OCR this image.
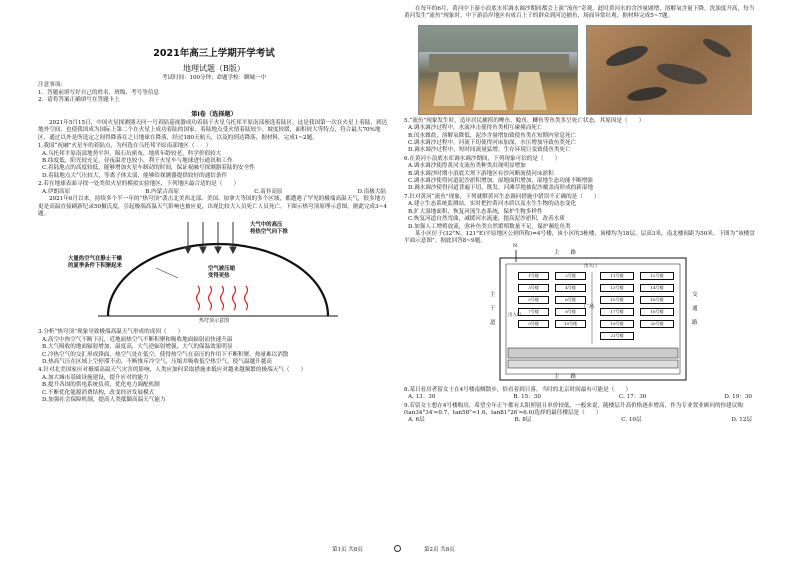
2021年高三上学期开学考试
地理试题（B版）
考试时间：100分钟；命题学校：聊城一中

注意事项：

1．答题前填写好自己的姓名、班级、考号等信息

2．请将答案正确填写在答题卡上

第Ⅰ卷（选择题）

2021年5月15日，中国火星探测器天问一号着陆巡视器成功着陆于火星乌托邦平原南部预选着陆区，这是我国第一次在火星上着陆，到达地外空间，也使我国成为国际上第二个在火星上成功着陆的国家。着陆地点受火情着陆较少、坡度较缓，面积较大等特点，符合最大70%地区，通过以外是所选定之间得降落在之日地球在降落，经过180天航天，以及的到达降落，据材料，完成1~2题。

1.我国“祝融”火星车的着陆点，为何选在乌托邦平原南部地区（　　）

A.乌托邦平原南部地势平坦，陨石坑密布，地质年龄较老，科学价值较大

B.纬度低，阳光较充足，昼夜温差也较小，利于火星车与地球进行通讯和工作

C.着陆地点的高度较低，能够增加火星车制动的时间，保证祝融号探测器着陆的安全性

D.着陆地点大气压较大，等离子体太弱，能够给探测器提供较好的通信条件

2.若在地球表面寻找一处类似火星的模拟实验地区，下列地区最合适的是（　　）

A.伊朗高原	B.内蒙古高原	C.南非高原	D.南极大陆

2021年6月以来，持续多个半一年的“热穹顶”袭击北美西北部、美国、加拿大等国的多个区域，都遭遇了罕见的极端高温天气，很多地方更是高温直接刷新纪录50摄氏度，引起极端高温天气影响也被应更，出现比较大人员死亡人员死亡。下图示热穹顶原理示意图，据此完成3~4题。

大气中的高压
将热空气向下推
大量热空气在静止干燥
的夏季条件下积聚起来	空气被压缩
变得更热
热穹顶示意图

3.分析“热穹顶”现象导致极端高温天气形成的成因（　　）

A.高空中热空气不断下沉，近地面热空气不断积聚和吸收地面辐射而快速升温

B.大气吸收的地面辐射增加，温度高，大气逆辐射增强，大气的保温效果明显

C.冷热空气的交汇形成锋面，热空气处在低空，使得热空气在高压的作用下不断积聚，热量难以消散

D.热高气压在区域上空停滞不动，不断推斥冷空气，压缩并吸收低空热空气，使气温越升越高

4.针对北美国家应对极端高温天气灾害的影响，人类应加何采取措施来抵应对越来越频繁的极端天气（　　）

A.加大城市基础设施建设，提升应对的能力

B.提升各国的供电系统负荷，优化电力调配机制

C.不断优化能源消费结构，改变经济发展模式

D.加强社会保障机制，提高人类抵御高温天气能力

在每年的6月，黄河中下游小浪底水库调水调沙期间都会上演“流鱼”奇观，此时黄河水的含沙量剧增，溶解氧含量下降，洗浊度升高，每当黄河发生“流鱼”现象时，中下游沿岸地区有成百上千的群众到河边捕鱼，场面异常壮观。据材料完成5~7题。

5.“流鱼”现象发生时，造岸居民捕捞的鲤鱼、鲶鱼、鲫鱼等鱼类多呈死亡状态，其原因是（　　）

A.调水调沙过程中，水流冲击使得鱼类相互碰撞而死亡

B.闰水做盐，溶解氧降低，泥沙含量增加致使鱼类在短期内窒息死亡

C.调水调沙过程中，河流下切使得河床加深，水压增加导致鱼类死亡

D.调水调沙过程中，短时间流量猛增，生存环境巨变致使鱼类死亡

6.在黄河小浪底水库调水调沙期间，下列现象可信的是（　　）

A.调水调沙使得黄河支流鱼类种类出现明显增加

B.调水调沙时期小浪底大坝下游地区有沙河断流使河床淤积

C.调水调沙使得河道泥沙淤积增加，湿地面积增加，湿地生态功能不断增强

D.调水调沙使得河道普遍下切，既发，河滩草地被泥沙覆盖而形成的新湿地

7.针对黄河“流鱼”现象，下列就解黄河生态调问措施中错误不正确的是（　　）

A.建立生态系统监测站，实时把控黄河水质以及水生生物的动态变化

B.扩大湿地面积，恢复河流生态系统，保护生物多样性

C.恢复河道自然弯曲，减缓河水流速，提高泥沙淤积，改善水质

D.加强人工增殖放流，弥补鱼类自然繁殖数量不足，保护濒危鱼类

某小区位于(32°N，121°E)平原地区公则所称)=4号楼，该小区的3栋楼，该楼均为18层，层高3米，南北楼间距为50米。下图为“该楼盘平面示意图”。据此回答8~9题。

N
主　　路
主　　路
主干道
交通路
出入口
出入口
广场
1号楼	2号楼
3号楼	4号楼
5号楼	6号楼
7号楼	8号楼
9号楼	10号楼
11号楼	12号楼
13号楼	14号楼
15号楼	16号楼
17号楼	18号楼
19号楼	20号楼
21号楼

8.某日看房者留女士在4号楼南侧散步，恰看着到日落，当时的北京时间最有可能是（　　）

A. 13：30	B. 15：30	C. 17：30	D. 19：30

9.若留女士想在4号楼购房，希望全年正午都有太阳照射且单价较低，一般来说，随楼层升高价格逐步增高，作为专业置业顾问的你建议购(tan34°34′≈0.7，tan58°≈1.6，tan81°26′≈6.6)选择的最佳楼层是（　　）

A. 6层	B. 8层	C. 10层	D. 12层
第1页 共8页	第2页 共8页
